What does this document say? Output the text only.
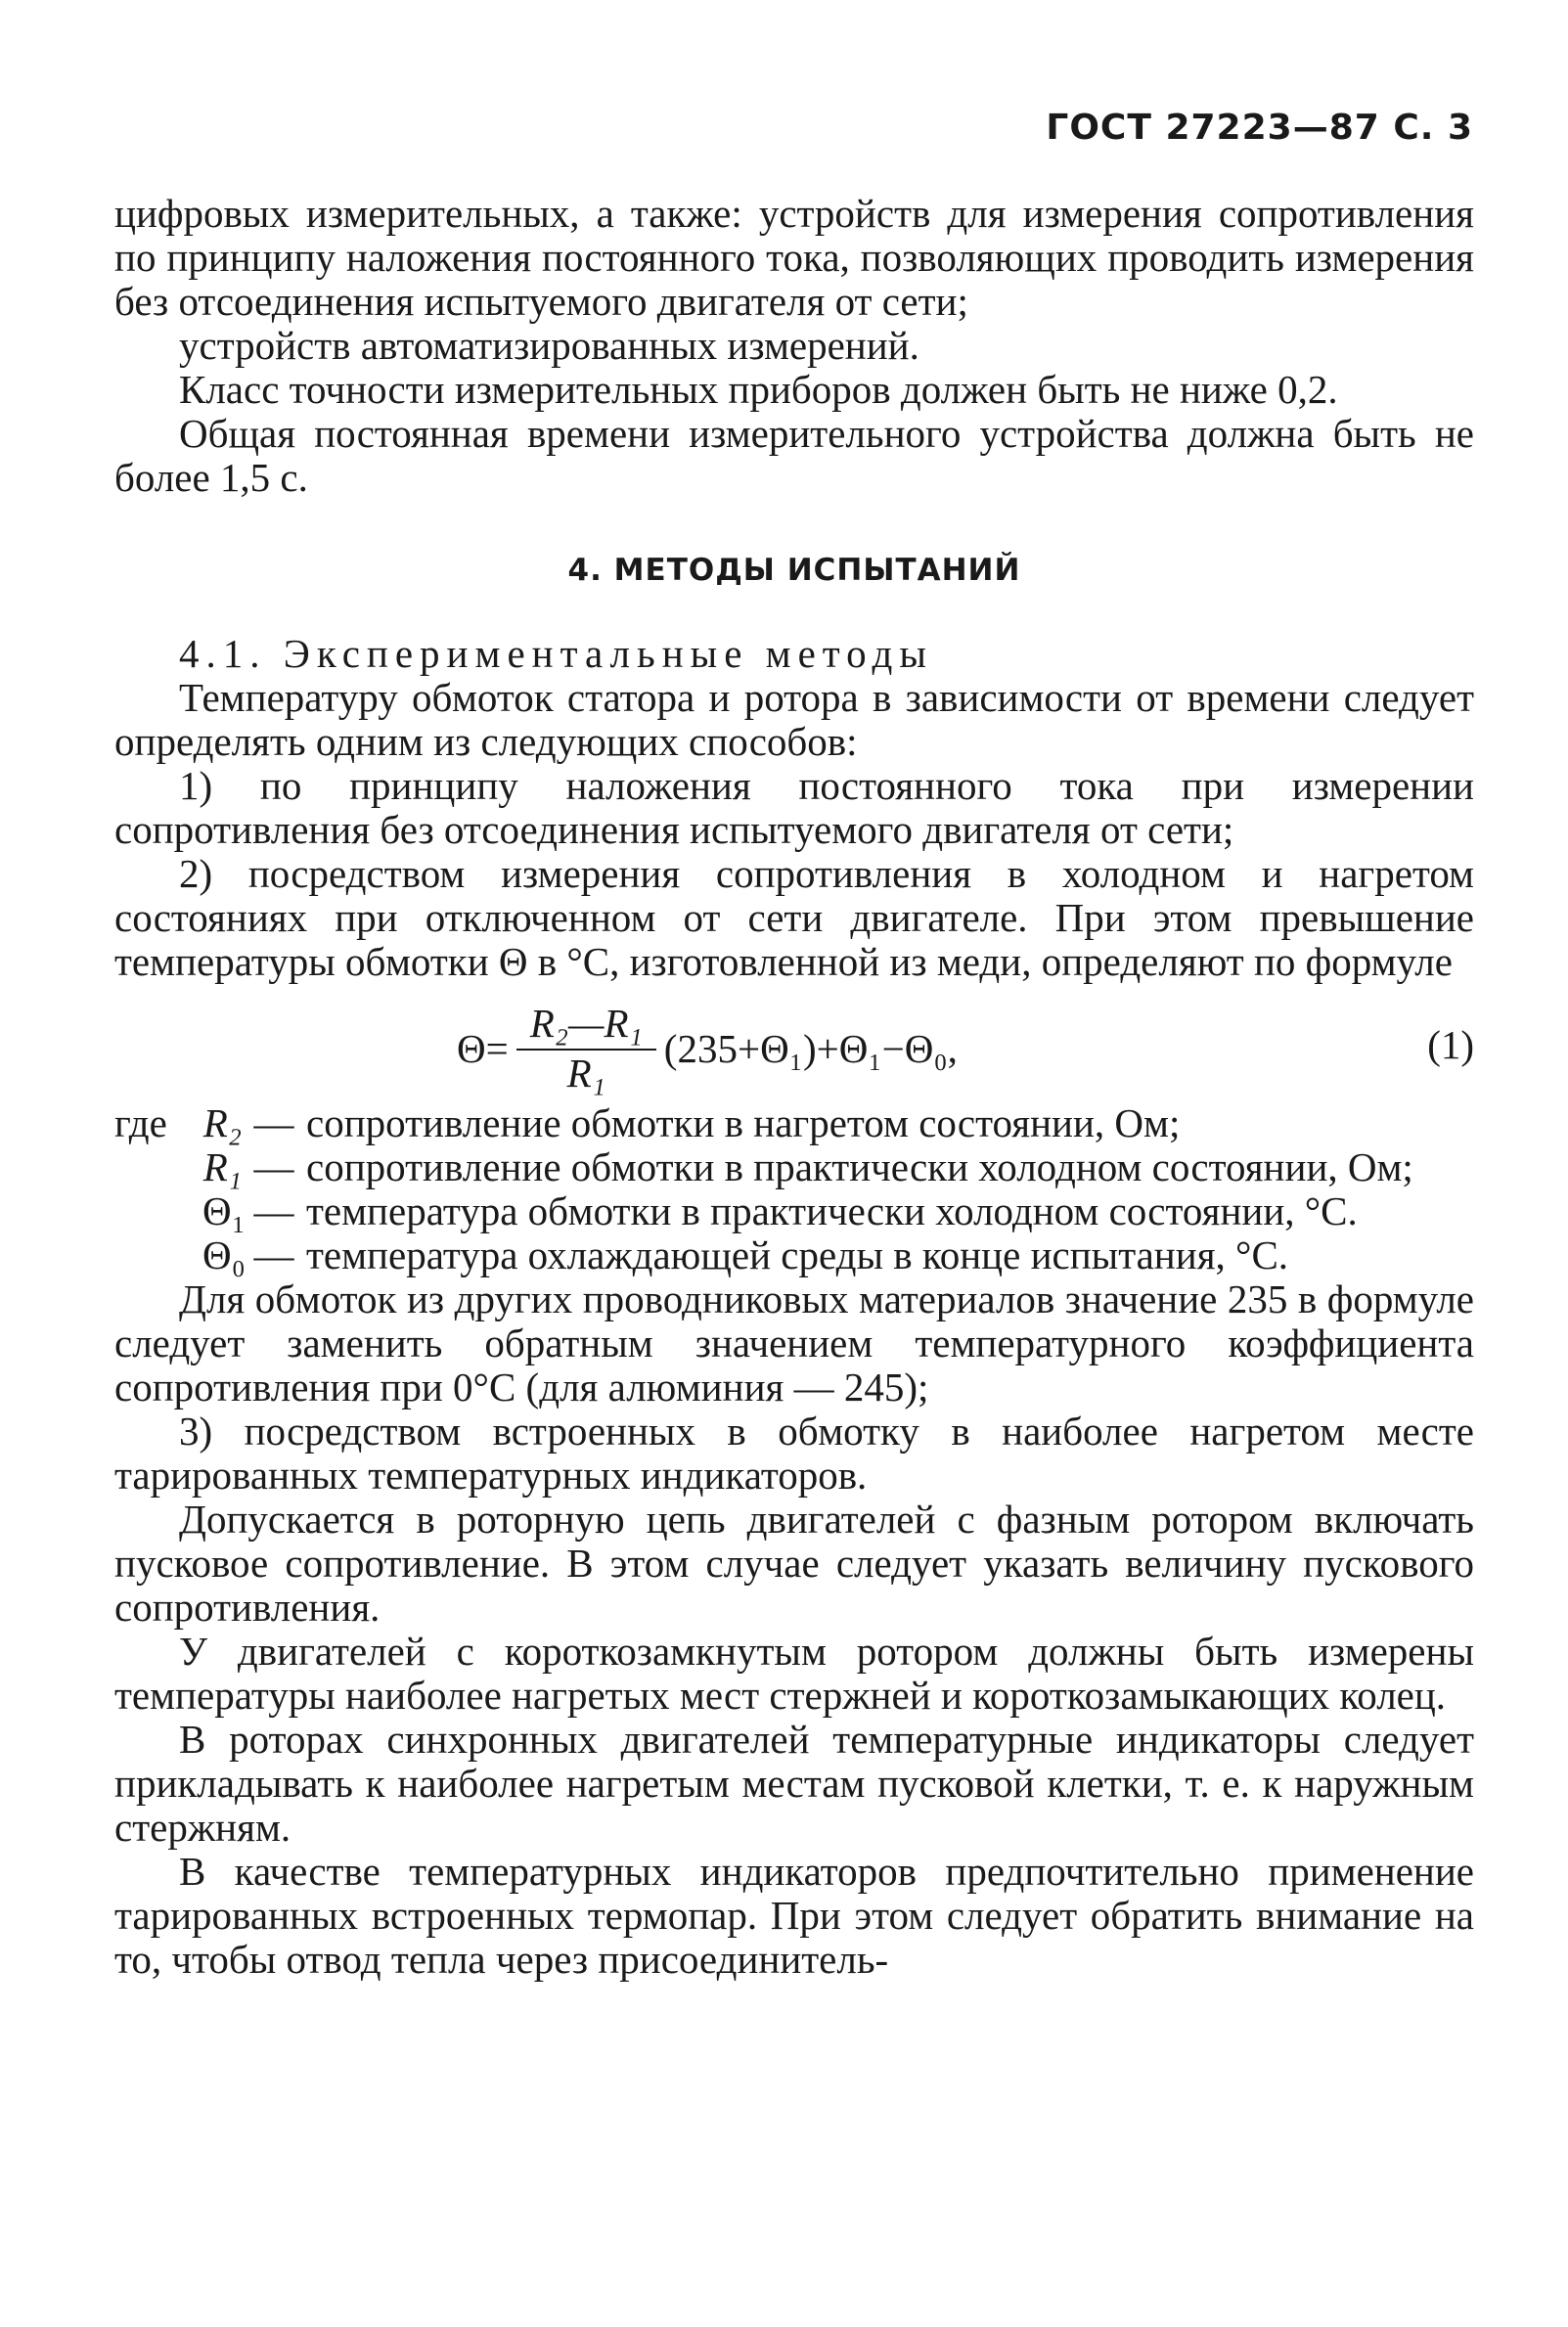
ГОСТ 27223—87 С. 3

цифровых измерительных, а также: устройств для измерения сопротивления по принципу наложения постоянного тока, позволяющих проводить измерения без отсоединения испытуемого двигателя от сети;

устройств автоматизированных измерений.

Класс точности измерительных приборов должен быть не ниже 0,2.

Общая постоянная времени измерительного устройства должна быть не более 1,5 с.

4. МЕТОДЫ ИСПЫТАНИЙ

4.1. Экспериментальные методы

Температуру обмоток статора и ротора в зависимости от времени следует определять одним из следующих способов:

1) по принципу наложения постоянного тока при измерении сопротивления без отсоединения испытуемого двигателя от сети;

2) посредством измерения сопротивления в холодном и нагретом состояниях при отключенном от сети двигателе. При этом превышение температуры обмотки Θ в °С, изготовленной из меди, определяют по формуле

$\Theta= \frac{\text{R₂—R₁}}{\text{R₁}} (235+\Theta_1)+\Theta_1-\Theta_0$,	(1)
где R₂ — сопротивление обмотки в нагретом состоянии, Ом;
R₁ — сопротивление обмотки в практически холодном состоянии, Ом;
Θ₁ — температура обмотки в практически холодном состоянии, °С.
Θ₀ — температура охлаждающей среды в конце испытания, °С.

Для обмоток из других проводниковых материалов значение 235 в формуле следует заменить обратным значением температурного коэффициента сопротивления при 0°С (для алюминия — 245);

3) посредством встроенных в обмотку в наиболее нагретом месте тарированных температурных индикаторов.

Допускается в роторную цепь двигателей с фазным ротором включать пусковое сопротивление. В этом случае следует указать величину пускового сопротивления.

У двигателей с короткозамкнутым ротором должны быть измерены температуры наиболее нагретых мест стержней и короткозамыкающих колец.

В роторах синхронных двигателей температурные индикаторы следует прикладывать к наиболее нагретым местам пусковой клетки, т. е. к наружным стержням.

В качестве температурных индикаторов предпочтительно применение тарированных встроенных термопар. При этом следует обратить внимание на то, чтобы отвод тепла через присоединитель-
